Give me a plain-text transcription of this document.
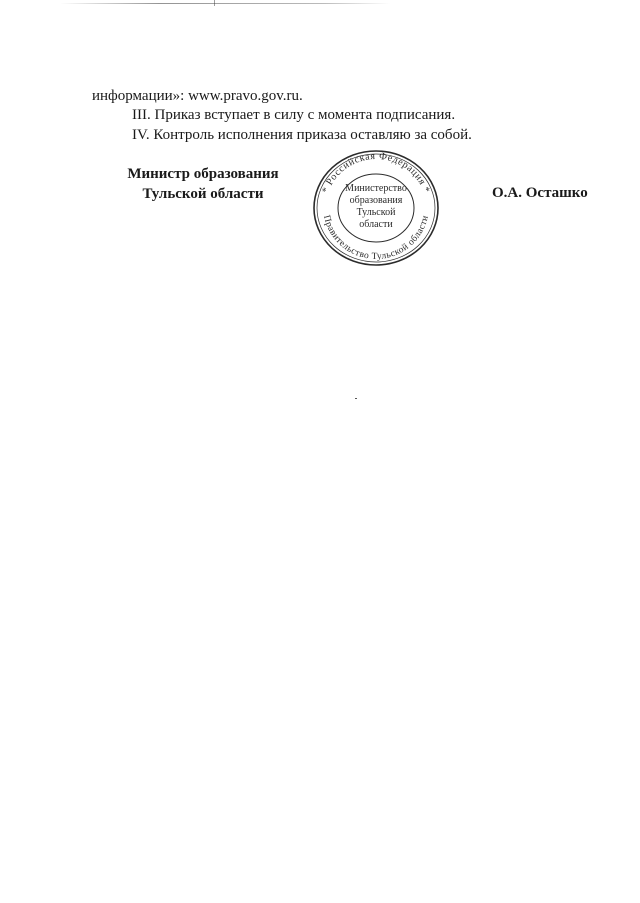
информации»: www.pravo.gov.ru.
III. Приказ вступает в силу с момента подписания.
IV. Контроль исполнения приказа оставляю за собой.
Министр образования
Тульской области	* Российская Федерация *
Правительство Тульской области
Министерство
образования
Тульской
области
О.А. Осташко
